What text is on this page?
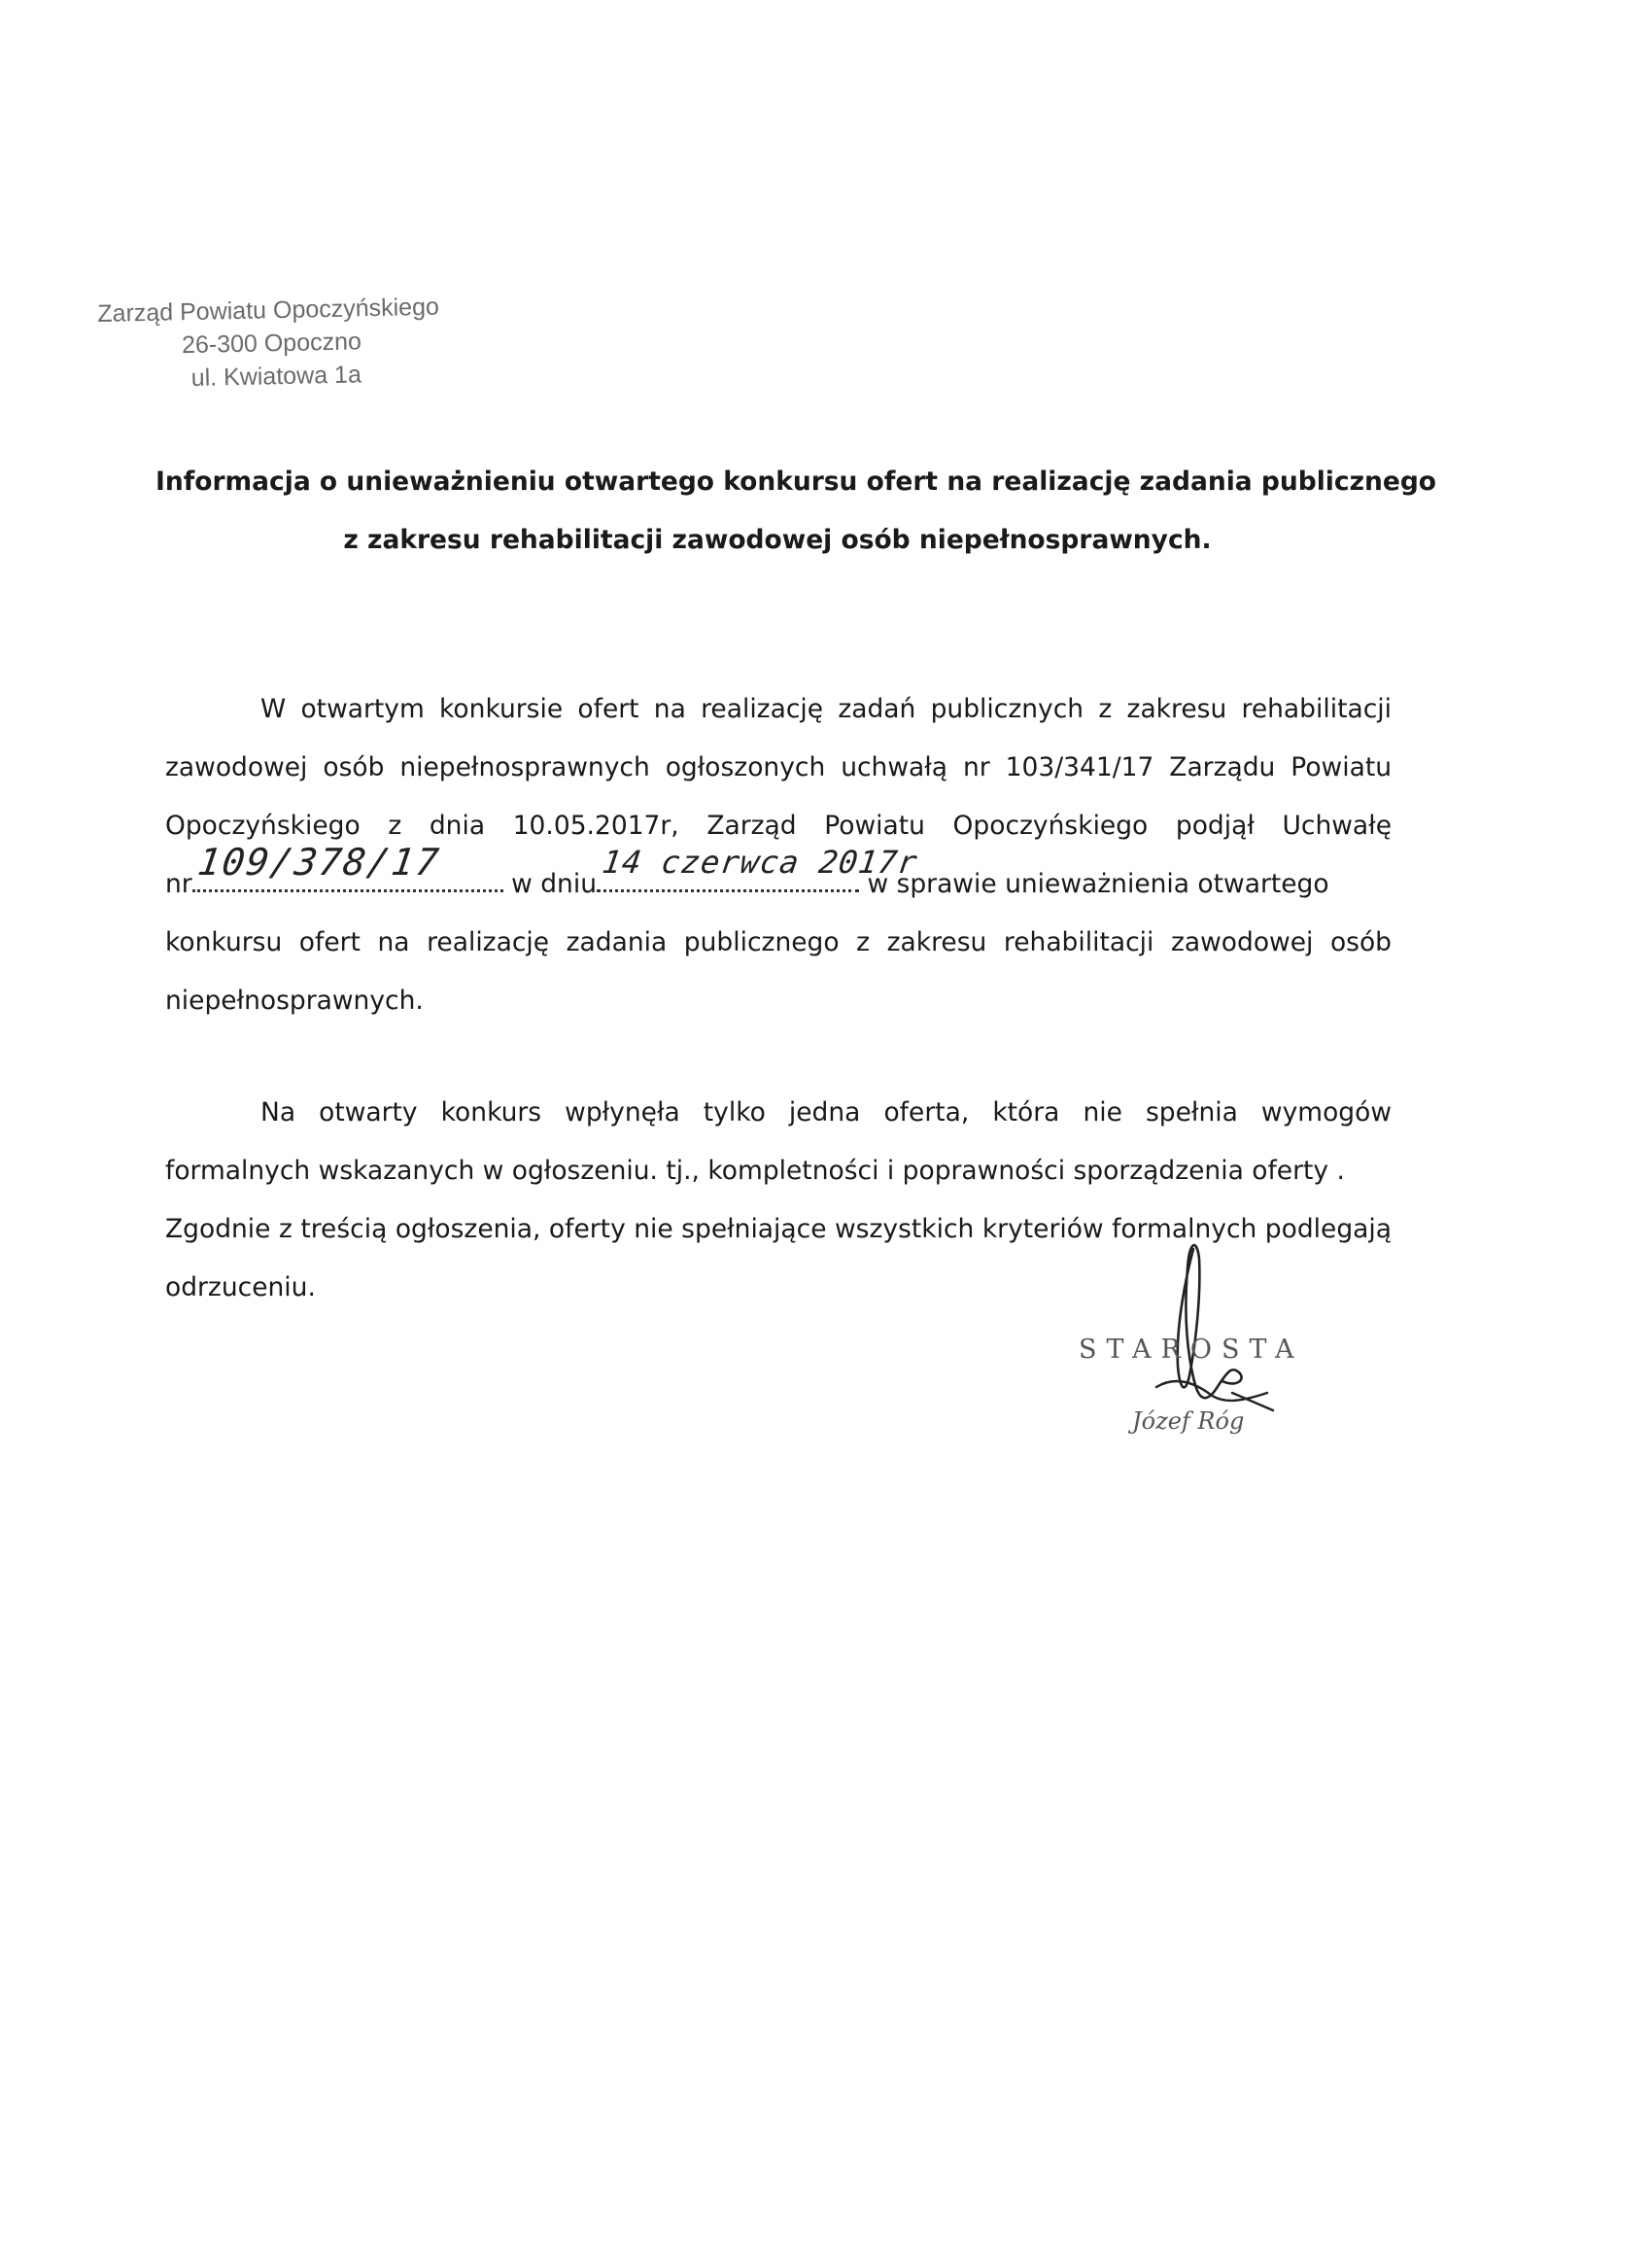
Zarząd Powiatu Opoczyńskiego
26-300 Opoczno
ul. Kwiatowa 1a
Informacja o unieważnieniu otwartego konkursu ofert na realizację zadania publicznego
z zakresu rehabilitacji zawodowej osób niepełnosprawnych.
W otwartym konkursie ofert na realizację zadań publicznych z zakresu rehabilitacji
zawodowej osób niepełnosprawnych ogłoszonych uchwałą nr 103/341/17 Zarządu Powiatu
Opoczyńskiego z dnia 10.05.2017r, Zarząd Powiatu Opoczyńskiego podjął Uchwałę
nr
109/378/17
w dniu
14 czerwca 2017r
w sprawie unieważnienia otwartego
konkursu ofert na realizację zadania publicznego z zakresu rehabilitacji zawodowej osób
niepełnosprawnych.
Na otwarty konkurs wpłynęła tylko jedna oferta, która nie spełnia wymogów
formalnych wskazanych w ogłoszeniu. tj., kompletności i poprawności sporządzenia oferty .
Zgodnie z treścią ogłoszenia, oferty nie spełniające wszystkich kryteriów formalnych podlegają
odrzuceniu.
STAROSTA
Józef Róg
